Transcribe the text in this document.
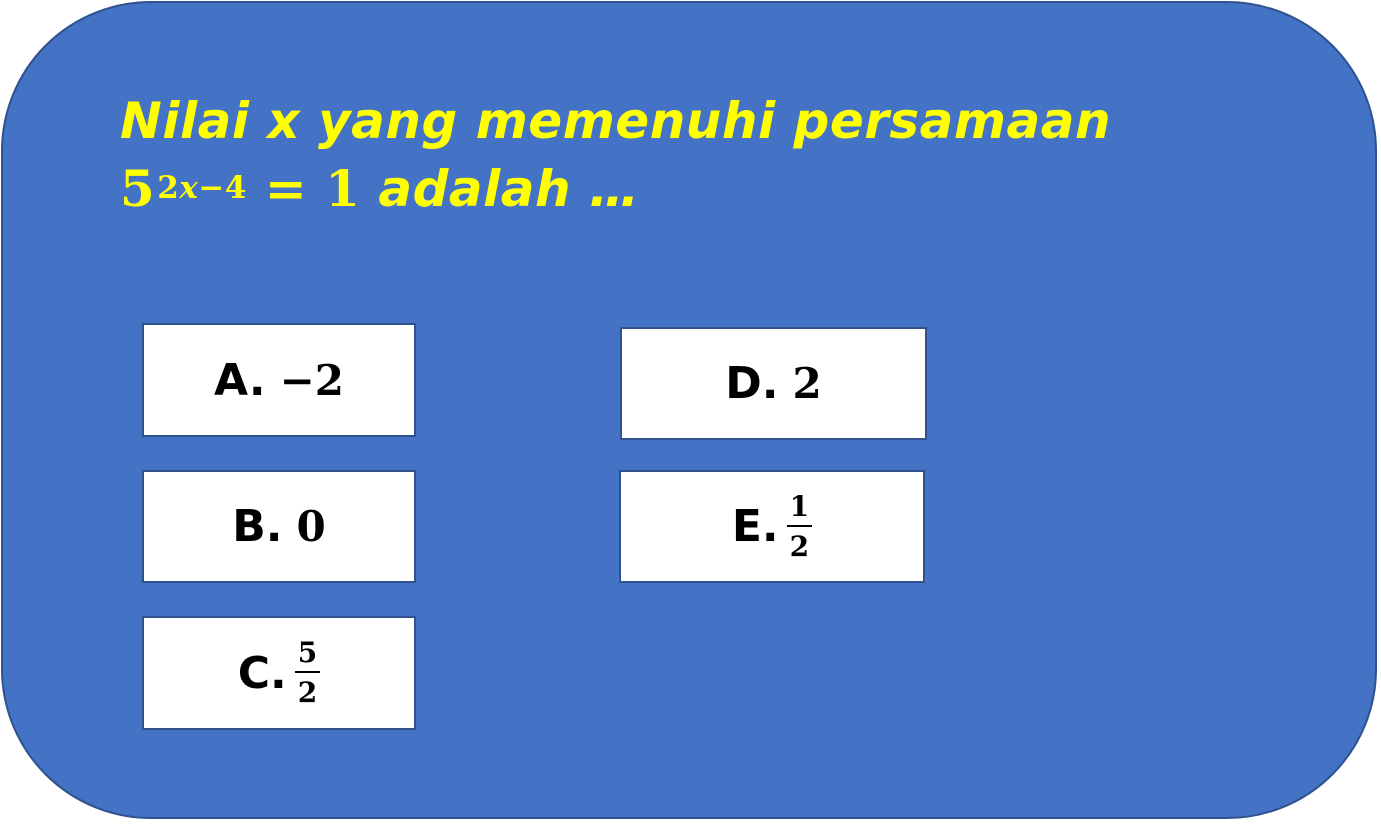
Nilai x yang memenuhi persamaan
$5^{2x-4} = 1$ adalah …
A. −2
B. 0
C. $\frac{5}{2}$
D. 2
E. $\frac{1}{2}$
